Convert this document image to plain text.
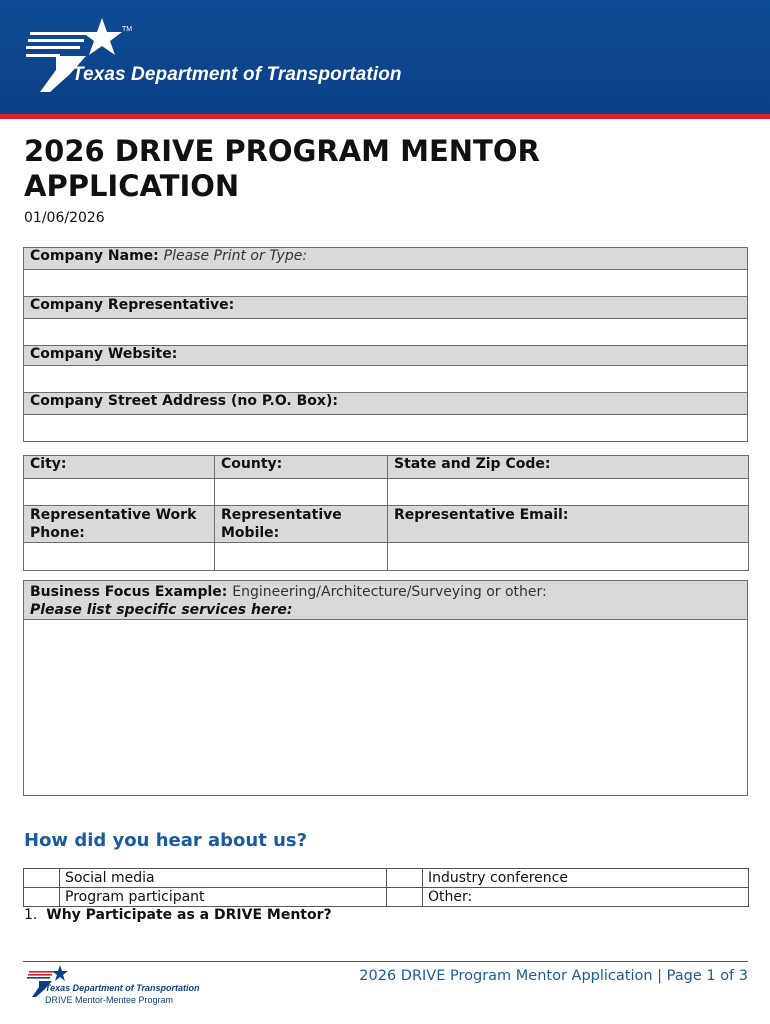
TM
Texas Department of Transportation
2026 DRIVE PROGRAM MENTOR APPLICATION
01/06/2026
Company Name: Please Print or Type:

Company Representative:

Company Website:

Company Street Address (no P.O. Box):

City:	County:	State and Zip Code:

Representative Work Phone:	Representative Mobile:	Representative Email:

Business Focus Example: Engineering/Architecture/Surveying or other:
Please list specific services here:

How did you hear about us?
	Social media		Industry conference
	Program participant		Other:
1. Why Participate as a DRIVE Mentor?
Texas Department of Transportation
DRIVE Mentor-Mentee Program
2026 DRIVE Program Mentor Application | Page 1 of 3
